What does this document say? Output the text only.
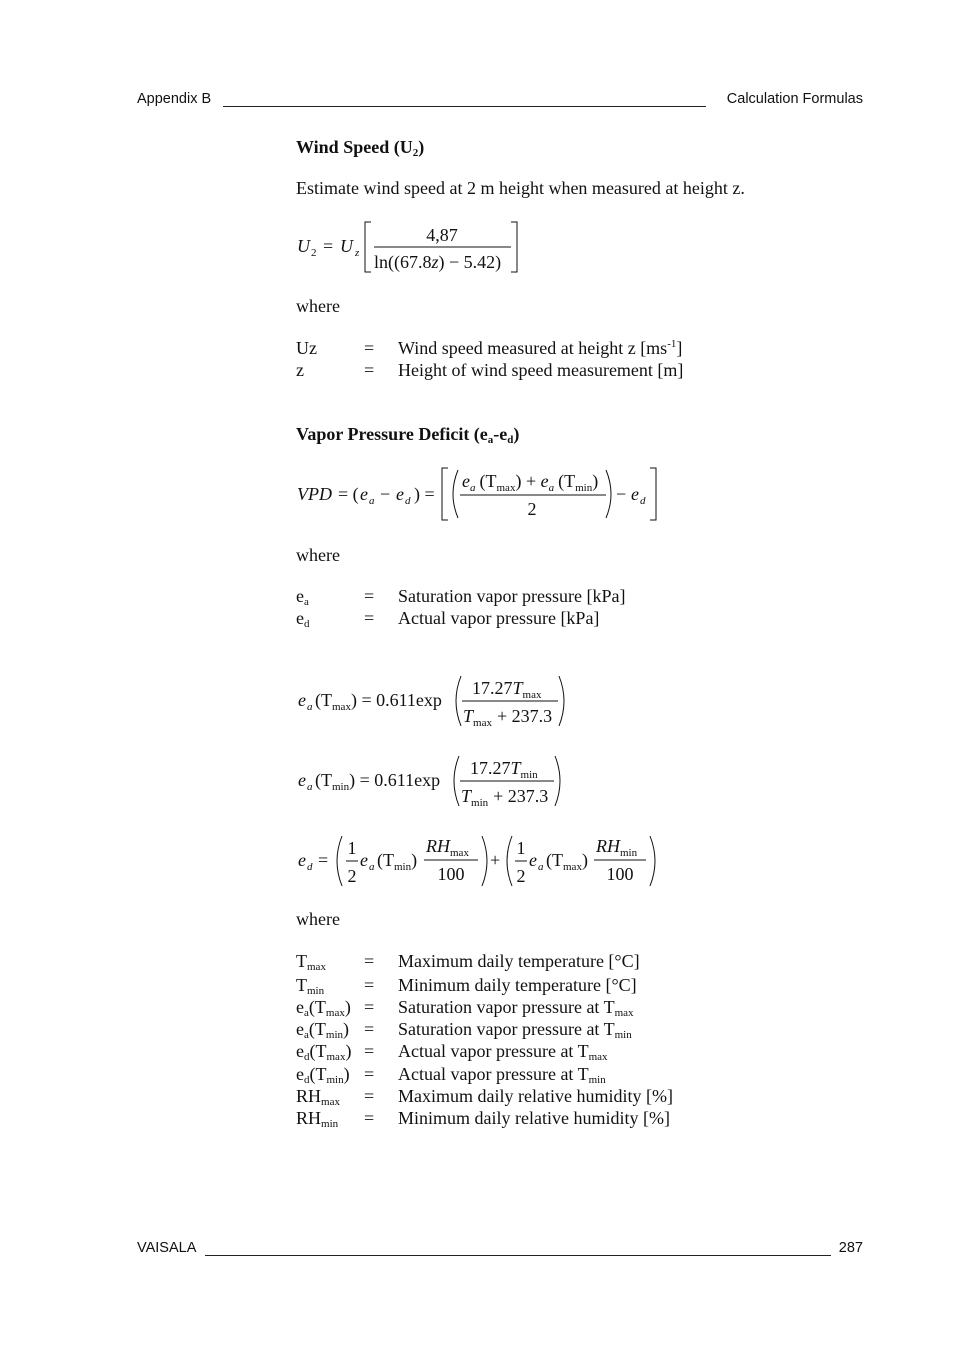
Appendix B	Calculation Formulas
Wind Speed $(U_2)$
Estimate wind speed at 2 m height when measured at height z.
U 2 = U z
4,87
ln((67.8z) − 5.42)
where
Uz	= Wind speed measured at height z $[ms^{-1}]$
z	= Height of wind speed measurement [m]
Vapor Pressure Deficit $(e_a-e_d)$
VPD = ( e a − e d ) =
$e_a$ $(T_{max}) + e_a$ $(T_{min})$
2
− e d
where
$e_a$	= Saturation vapor pressure [kPa]
$e_d$	= Actual vapor pressure [kPa]
e a $(T_{max}) = 0.611\exp$
$17.27T_{max}$
$T_{max} + 237.3$
e a $(T_{min}) = 0.611\exp$
$17.27T_{min}$
$T_{min} + 237.3$
e d =
1
2
e a $(T_{min})$
$RH_{max}$
100
+
1
2
e a $(T_{max})$
$RH_{min}$
100
where
$T_{max}$ = Maximum daily temperature [°C]
$T_{min}$ = Minimum daily temperature [°C]
$e_a(T_{max})$ = Saturation vapor pressure at $T_{max}$
$e_a(T_{min})$ = Saturation vapor pressure at $T_{min}$
$e_d(T_{max})$ = Actual vapor pressure at $T_{max}$
$e_d(T_{min})$ = Actual vapor pressure at $T_{min}$
$RH_{max}$ = Maximum daily relative humidity [%]
$RH_{min}$ = Minimum daily relative humidity [%]
VAISALA	287
